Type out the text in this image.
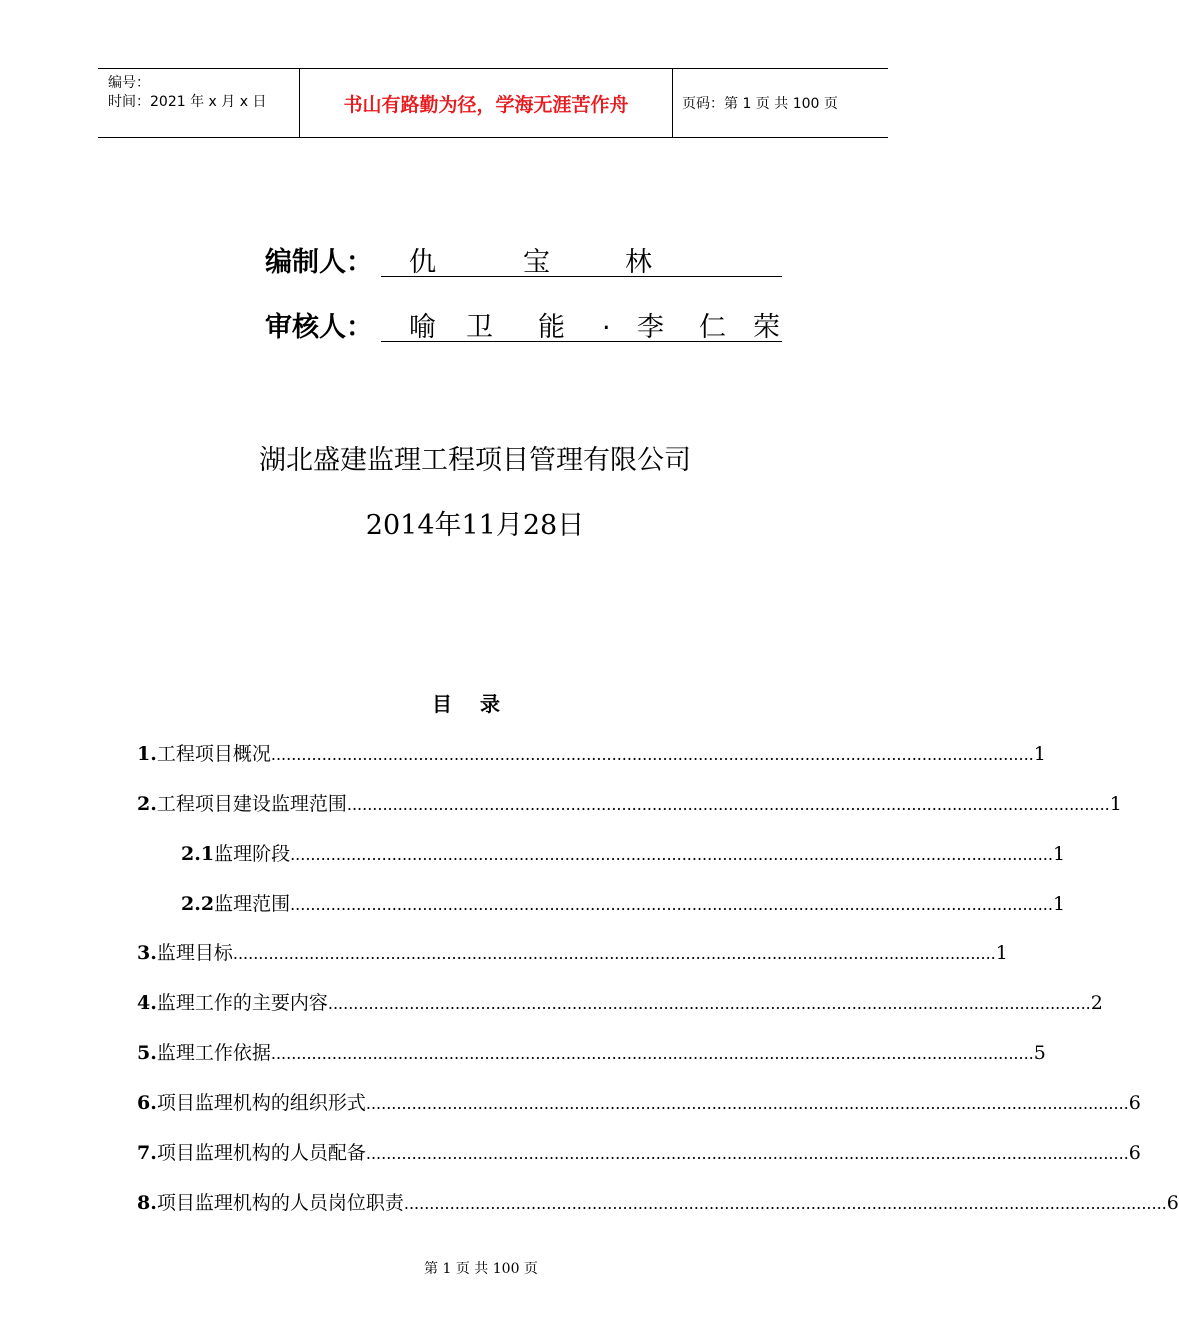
编号：
时间：2021 年 x 月 x 日	书山有路勤为径，学海无涯苦作舟	页码：第 1 页 共 100 页
编制人： 仇	宝	林
审核人： 喻 卫 能 . 李 仁 荣
湖北盛建监理工程项目管理有限公司
2014年11月28日
目录
1. 工程项目概况 ...................................................................................................................................................... 1
2. 工程项目建设监理范围 ...................................................................................................................................................... 1
2.1 监理阶段 ...................................................................................................................................................... 1
2.2 监理范围 ...................................................................................................................................................... 1
3. 监理目标 ...................................................................................................................................................... 1
4. 监理工作的主要内容 ...................................................................................................................................................... 2
5. 监理工作依据 ...................................................................................................................................................... 5
6. 项目监理机构的组织形式 ...................................................................................................................................................... 6
7. 项目监理机构的人员配备 ...................................................................................................................................................... 6
8. 项目监理机构的人员岗位职责 ...................................................................................................................................................... 6
第 1 页 共 100 页
